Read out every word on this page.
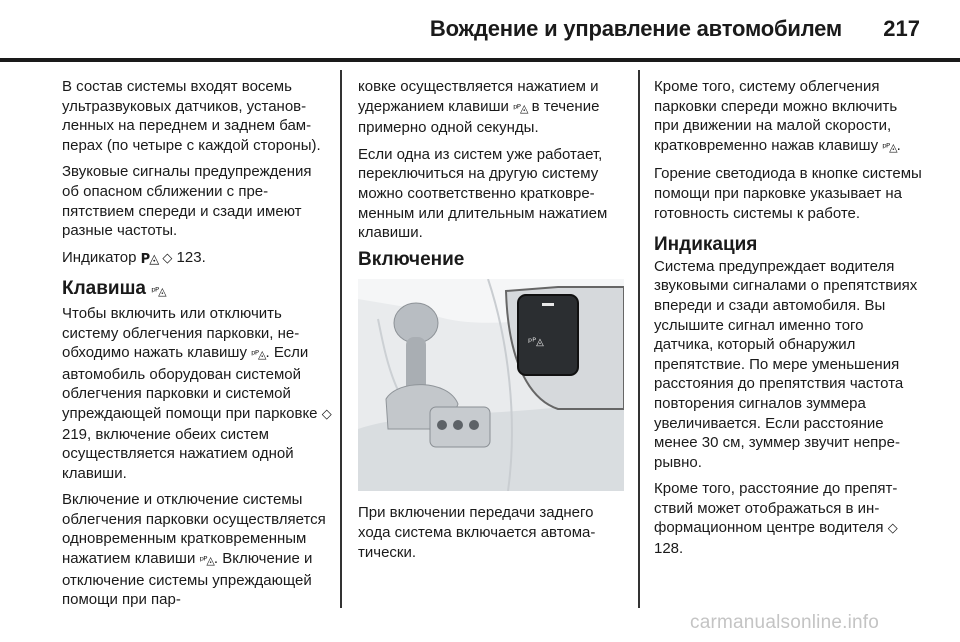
Вождение и управление автомобилем 217

В состав системы входят восемь ультразвуковых датчиков, установленных на переднем и заднем бамперах (по четыре с каждой стороны).

Звуковые сигналы предупреждения об опасном сближении с препятствием спереди и сзади имеют разные частоты.

Индикатор P◬ ◇ 123.

Клавиша ᵖᴾ◬

Чтобы включить или отключить систему облегчения парковки, необходимо нажать клавишу ᵖᴾ◬. Если автомобиль оборудован системой облегчения парковки и системой упреждающей помощи при парковке ◇ 219, включение обеих систем осуществляется нажатием одной клавиши.

Включение и отключение системы облегчения парковки осуществляется одновременным кратковременным нажатием клавиши ᵖᴾ◬. Включение и отключение системы упреждающей помощи при пар-

ковке осуществляется нажатием и удержанием клавиши ᵖᴾ◬ в течение примерно одной секунды.

Если одна из систем уже работает, переключиться на другую систему можно соответственно кратковременным или длительным нажатием клавиши.

Включение
ᵖᴾ◬

При включении передачи заднего хода система включается автоматически.

Кроме того, систему облегчения парковки спереди можно включить при движении на малой скорости, кратковременно нажав клавишу ᵖᴾ◬.

Горение светодиода в кнопке системы помощи при парковке указывает на готовность системы к работе.

Индикация

Система предупреждает водителя звуковыми сигналами о препятствиях впереди и сзади автомобиля. Вы услышите сигнал именно того датчика, который обнаружил препятствие. По мере уменьшения расстояния до препятствия частота повторения сигналов зуммера увеличивается. Если расстояние менее 30 см, зуммер звучит непрерывно.

Кроме того, расстояние до препятствий может отображаться в информационном центре водителя ◇ 128.

carmanualsonline.info
